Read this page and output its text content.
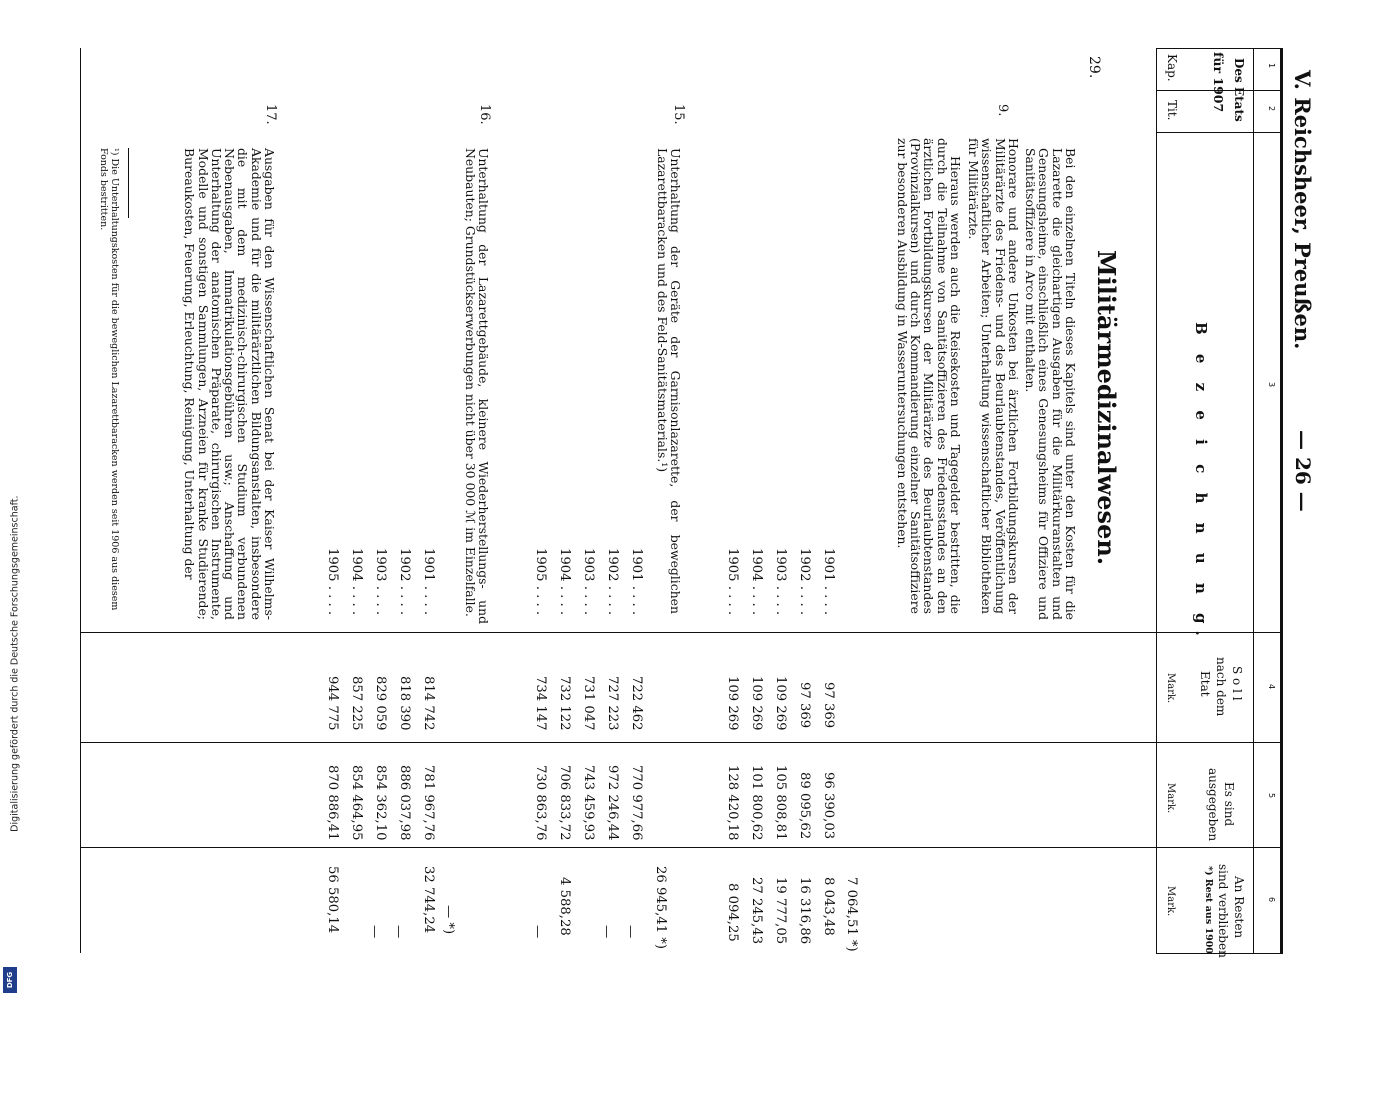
Digitalisierung gefördert durch die Deutsche Forschungsgemeinschaft.
DFG
V. Reichsheer, Preußen.
— 26 —
1
2
3
4
5
6
Des Etats
für 1907
Kap.
Tit.
B e z e i c h n u n g.
S o l l
nach dem
Etat
Mark.
Es sind
ausgegeben
Mark.
An Resten
sind verblieben
*) Rest aus 1900
Mark.
29.
Militärmedizinalwesen.
Bei den einzelnen Titeln dieses Kapitels sind unter den Kosten für die Lazarette die gleichartigen Ausgaben für die Militärkuranstalten und Genesungsheime, einschließlich eines Genesungsheims für Offiziere und Sanitätsoffiziere in Arco mit enthalten.
9.
Honorare und andere Unkosten bei ärztlichen Fortbildungskursen der Militärärzte des Friedens- und des Beurlaubtenstandes, Veröffentlichung wissenschaftlicher Arbeiten; Unterhaltung wissenschaftlicher Bibliotheken für Militärärzte.
Hieraus werden auch die Reisekosten und Tagegelder bestritten, die durch die Teilnahme von Sanitätsoffizieren des Friedensstandes an den ärztlichen Fortbildungskursen der Militärärzte des Beurlaubtenstandes (Provinzialkursen) und durch Kommandierung einzelner Sanitätsoffiziere zur besonderen Ausbildung in Wasseruntersuchungen entstehen.
1901 . . . .
97 369
96 390,03
7 064,51 *)
1902 . . . .
97 369
89 095,62
8 043,48
1903 . . . .
109 269
105 808,81
16 316,86
1904 . . . .
109 269
101 800,62
19 777,05
1905 . . . .
109 269
128 420,18
27 245,43
8 094,25
15.
Unterhaltung der Geräte der Garnisonlazarette, der beweglichen Lazarettbaracken und des Feld-Sanitätsmaterials.¹)
1901 . . . .
722 462
770 977,66
26 945,41 *)
1902 . . . .
727 223
972 246,44
—
1903 . . . .
731 047
743 459,93
—
1904 . . . .
732 122
706 833,72
4 588,28
1905 . . . .
734 147
730 863,76
—
16.
Unterhaltung der Lazarettgebäude, kleinere Wiederherstellungs- und Neubauten; Grundstückserwerbungen nicht über 30 000 ℳ im Einzelfalle.
1901 . . . .
814 742
781 967,76
— *)
1902 . . . .
818 390
886 037,98
32 744,24
1903 . . . .
829 059
854 362,10
—
1904 . . . .
857 225
854 464,95
—
1905 . . . .
944 775
870 886,41
56 580,14
17.
Ausgaben für den Wissenschaftlichen Senat bei der Kaiser Wilhelms-Akademie und für die militärärztlichen Bildungsanstalten, insbesondere die mit dem medizinisch-chirurgischen Studium verbundenen Nebenausgaben, Immatrikulationsgebühren usw.; Anschaffung und Unterhaltung der anatomischen Präparate, chirurgischen Instrumente, Modelle und sonstigen Sammlungen, Arzneien für kranke Studierende; Bureaukosten, Feuerung, Erleuchtung, Reinigung, Unterhaltung der
¹) Die Unterhaltungskosten für die beweglichen Lazarettbaracken werden seit 1906 aus diesem Fonds bestritten.
